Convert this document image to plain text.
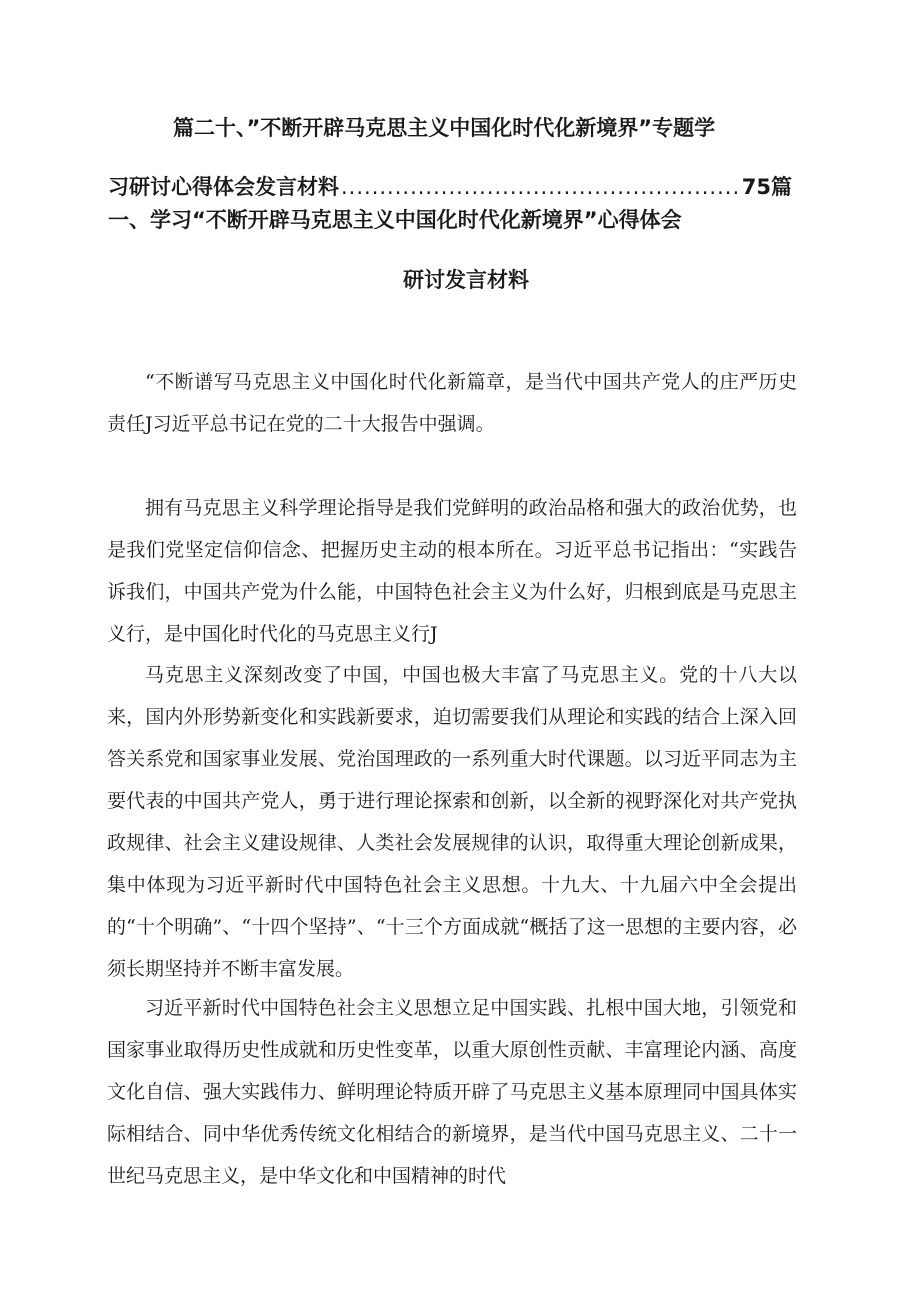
篇二十、”不断开辟马克思主义中国化时代化新境界”专题学
习研讨心得体会发言材料
.....	75篇
一、学习“不断开辟马克思主义中国化时代化新境界”心得体会
研讨发言材料

“不断谱写马克思主义中国化时代化新篇章，是当代中国共产党人的庄严历史责任J习近平总书记在党的二十大报告中强调。

拥有马克思主义科学理论指导是我们党鲜明的政治品格和强大的政治优势，也是我们党坚定信仰信念、把握历史主动的根本所在。习近平总书记指出：“实践告诉我们，中国共产党为什么能，中国特色社会主义为什么好，归根到底是马克思主义行，是中国化时代化的马克思主义行J

马克思主义深刻改变了中国，中国也极大丰富了马克思主义。党的十八大以来，国内外形势新变化和实践新要求，迫切需要我们从理论和实践的结合上深入回答关系党和国家事业发展、党治国理政的一系列重大时代课题。以习近平同志为主要代表的中国共产党人，勇于进行理论探索和创新，以全新的视野深化对共产党执政规律、社会主义建设规律、人类社会发展规律的认识，取得重大理论创新成果，集中体现为习近平新时代中国特色社会主义思想。十九大、十九届六中全会提出的“十个明确”、“十四个坚持”、“十三个方面成就“概括了这一思想的主要内容，必须长期坚持并不断丰富发展。

习近平新时代中国特色社会主义思想立足中国实践、扎根中国大地，引领党和国家事业取得历史性成就和历史性变革，以重大原创性贡献、丰富理论内涵、高度文化自信、强大实践伟力、鲜明理论特质开辟了马克思主义基本原理同中国具体实际相结合、同中华优秀传统文化相结合的新境界，是当代中国马克思主义、二十一世纪马克思主义，是中华文化和中国精神的时代
